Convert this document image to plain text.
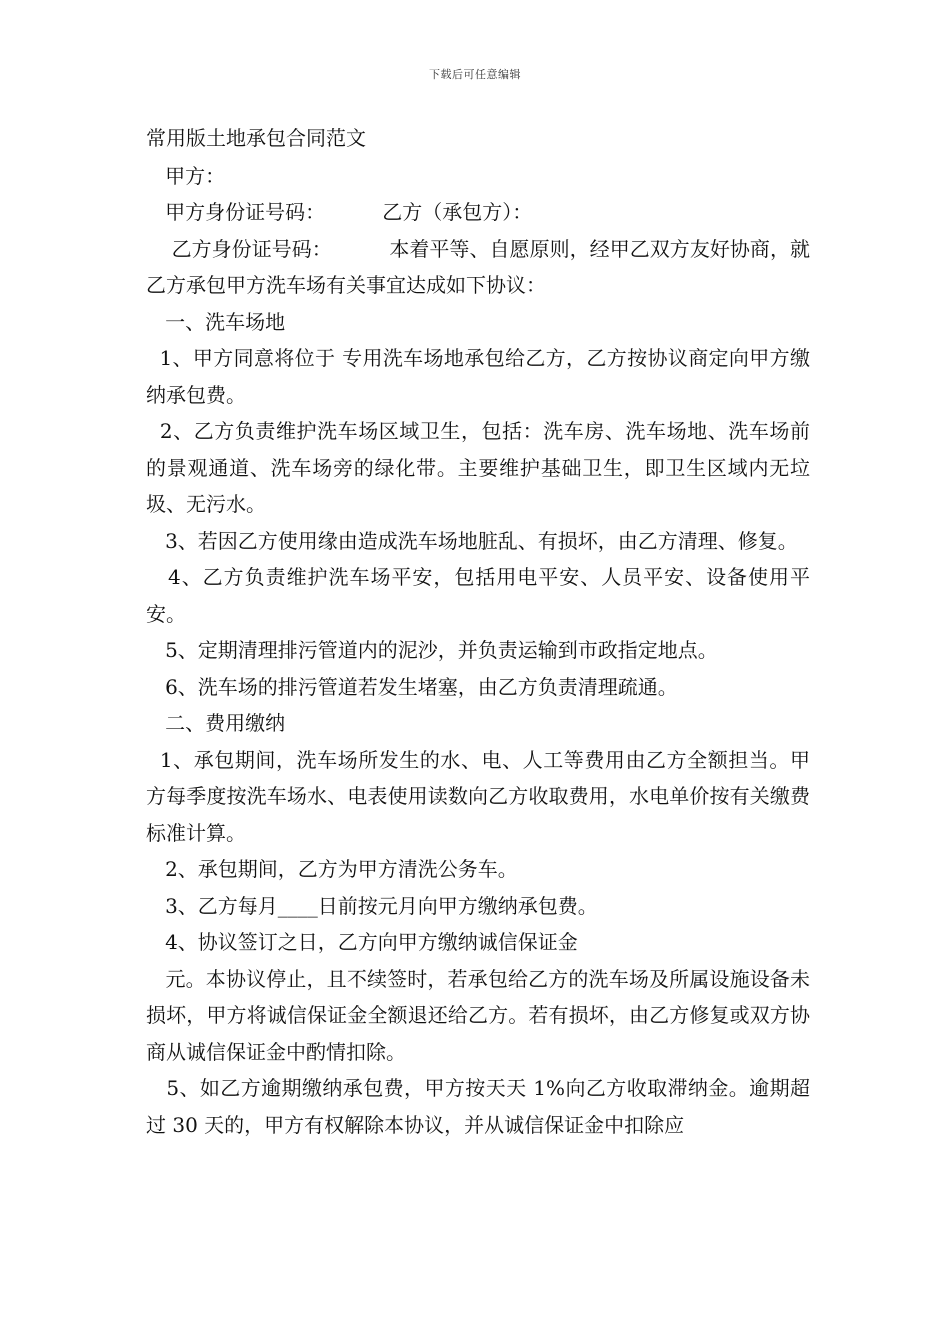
下载后可任意编辑

常用版土地承包合同范文

甲方：

甲方身份证号码：         乙方（承包方）：

乙方身份证号码：         本着平等、自愿原则，经甲乙双方友好协商，就乙方承包甲方洗车场有关事宜达成如下协议：

一、洗车场地

1、甲方同意将位于 专用洗车场地承包给乙方，乙方按协议商定向甲方缴纳承包费。

2、乙方负责维护洗车场区域卫生，包括：洗车房、洗车场地、洗车场前的景观通道、洗车场旁的绿化带。主要维护基础卫生，即卫生区域内无垃圾、无污水。

3、若因乙方使用缘由造成洗车场地脏乱、有损坏，由乙方清理、修复。

4、乙方负责维护洗车场平安，包括用电平安、人员平安、设备使用平安。

5、定期清理排污管道内的泥沙，并负责运输到市政指定地点。

6、洗车场的排污管道若发生堵塞，由乙方负责清理疏通。

二、费用缴纳

1、承包期间，洗车场所发生的水、电、人工等费用由乙方全额担当。甲方每季度按洗车场水、电表使用读数向乙方收取费用，水电单价按有关缴费标准计算。

2、承包期间，乙方为甲方清洗公务车。

3、乙方每月____日前按元月向甲方缴纳承包费。

4、协议签订之日，乙方向甲方缴纳诚信保证金

元。本协议停止，且不续签时，若承包给乙方的洗车场及所属设施设备未损坏，甲方将诚信保证金全额退还给乙方。若有损坏，由乙方修复或双方协商从诚信保证金中酌情扣除。

5、如乙方逾期缴纳承包费，甲方按天天 1%向乙方收取滞纳金。逾期超过 30 天的，甲方有权解除本协议，并从诚信保证金中扣除应
